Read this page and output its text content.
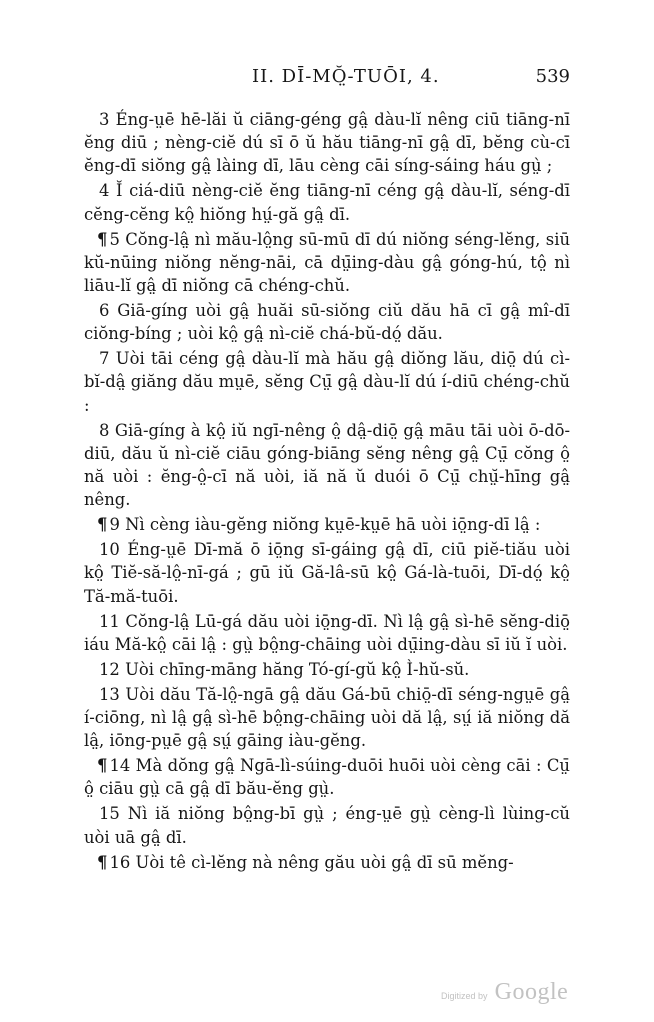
II. DĪ-MŎ̤-TUŌI, 4.	539

3 Éng-ṳē hē-lăi ŭ ciāng-géng gâ̤ dàu-lĭ nêng ciū tiāng-nī ĕng diū ; nèng-ciĕ dú sī ō ŭ hău tiāng-nī gâ̤ dī, bĕng cù-cī ĕng-dī siŏng gâ̤ làing dī, lāu cèng cāi síng-sáing háu gṳ̀ ;

4 Ĭ ciá-diū nèng-ciĕ ĕng tiāng-nī céng gâ̤ dàu-lĭ, séng-dī cĕng-cĕng kô̤ hiŏng hṳ́-gă gâ̤ dī.

¶ 5 Cŏng-lâ̤ nì mău-lô̤ng sū-mū dī dú niŏng séng-lĕng, siū kŭ-nūing niŏng nĕng-nāi, cā dṳ̄ing-dàu gâ̤ góng-hú, tô̤ nì liāu-lĭ gâ̤ dī niŏng cā chéng-chŭ.

6 Giā-gíng uòi gâ̤ huăi sū-siŏng ciŭ dău hā cī gâ̤ mî-dī ciŏng-bíng ; uòi kô̤ gâ̤ nì-ciĕ chá-bŭ-dó̤ dău.

7 Uòi tāi céng gâ̤ dàu-lĭ mà hău gâ̤ diŏng lău, diō̤ dú cì-bĭ-dâ̤ giăng dău mṳē, sĕng Cṳ̄ gâ̤ dàu-lĭ dú í-diū chéng-chŭ :

8 Giā-gíng à kô̤ iŭ ngī-nêng ô̤ dâ̤-diō̤ gâ̤ māu tāi uòi ō-dō-diū, dău ŭ nì-ciĕ ciāu góng-biāng sĕng nêng gâ̤ Cṳ̄ cŏng ô̤ nă uòi : ĕng-ô̤-cī nă uòi, iă nă ŭ duói ō Cṳ̄ chṳ̆-hīng gâ̤ nêng.

¶ 9 Nì cèng iàu-gĕng niŏng kṳē-kṳē hā uòi iō̤ng-dī lâ̤ :

10 Éng-ṳē Dī-mă ō iō̤ng sī-gáing gâ̤ dī, ciū piĕ-tiău uòi kô̤ Tiĕ-să-lô̤-nī-gá ; gū iŭ Gă-lâ-sū kô̤ Gá-là-tuōi, Dī-dó̤ kô̤ Tă-mă-tuōi.

11 Cŏng-lâ̤ Lū-gá dău uòi iō̤ng-dī. Nì lâ̤ gâ̤ sì-hē sĕng-diō̤ iáu Mă-kô̤ cāi lâ̤ : gṳ̀ bô̤ng-chāing uòi dṳ̄ing-dàu sī iŭ ĭ uòi.

12 Uòi chīng-māng hăng Tó-gí-gŭ kô̤ Ì-hŭ-sŭ.

13 Uòi dău Tă-lô̤-ngā gâ̤ dău Gá-bū chiō̤-dī séng-ngṳē gâ̤ í-ciōng, nì lâ̤ gâ̤ sì-hē bô̤ng-chāing uòi dă lâ̤, sṳ́ iă niŏng dă lâ̤, iōng-pṳē gâ̤ sṳ́ gāing iàu-gĕng.

¶ 14 Mà dŏng gâ̤ Ngā-lì-súing-duōi huōi uòi cèng cāi : Cṳ̄ ô̤ ciāu gṳ̀ cā gâ̤ dī bău-ĕng gṳ̀.

15 Nì iă niŏng bô̤ng-bī gṳ̀ ; éng-ṳē gṳ̀ cèng-lì lùing-cŭ uòi uā gâ̤ dī.

¶ 16 Uòi tê cì-lĕng nà nêng gău uòi gâ̤ dī sū mĕng-

Digitized by Google
